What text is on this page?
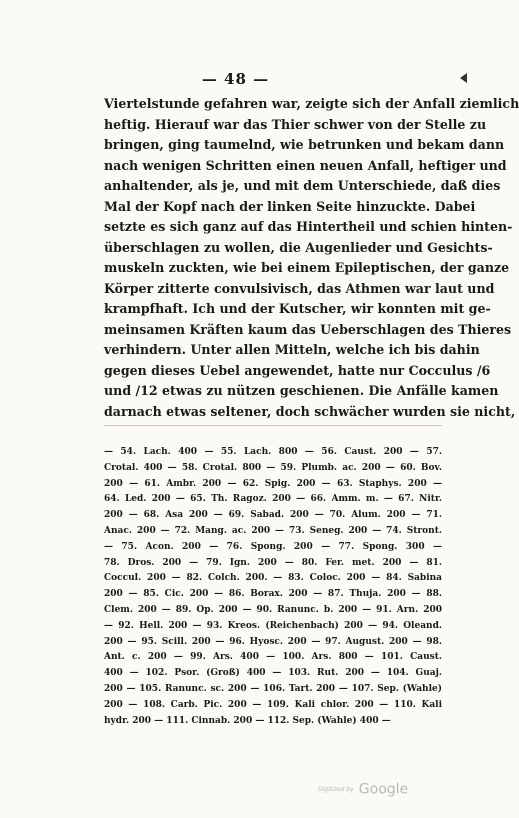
— 48 —
Viertelstunde gefahren war, zeigte sich der Anfall ziemlich
heftig. Hierauf war das Thier schwer von der Stelle zu
bringen, ging taumelnd, wie betrunken und bekam dann
nach wenigen Schritten einen neuen Anfall, heftiger und
anhaltender, als je, und mit dem Unterschiede, daß dies
Mal der Kopf nach der linken Seite hinzuckte. Dabei
setzte es sich ganz auf das Hintertheil und schien hinten-
überschlagen zu wollen, die Augenlieder und Gesichts-
muskeln zuckten, wie bei einem Epileptischen, der ganze
Körper zitterte convulsivisch, das Athmen war laut und
krampfhaft. Ich und der Kutscher, wir konnten mit ge-
meinsamen Kräften kaum das Ueberschlagen des Thieres
verhindern. Unter allen Mitteln, welche ich bis dahin
gegen dieses Uebel angewendet, hatte nur Cocculus /6
und /12 etwas zu nützen geschienen. Die Anfälle kamen
darnach etwas seltener, doch schwächer wurden sie nicht,
— 54. Lach. 400 — 55. Lach. 800 — 56. Caust. 200 — 57.
Crotal. 400 — 58. Crotal. 800 — 59. Plumb. ac. 200 — 60. Bov.
200 — 61. Ambr. 200 — 62. Spig. 200 — 63. Staphys. 200 —
64. Led. 200 — 65. Th. Ragoz. 200 — 66. Amm. m. — 67. Nitr.
200 — 68. Asa 200 — 69. Sabad. 200 — 70. Alum. 200 — 71.
Anac. 200 — 72. Mang. ac. 200 — 73. Seneg. 200 — 74. Stront.
— 75. Acon. 200 — 76. Spong. 200 — 77. Spong. 300 —
78. Dros. 200 — 79. Ign. 200 — 80. Fer. met. 200 — 81.
Coccul. 200 — 82. Colch. 200. — 83. Coloc. 200 — 84. Sabina
200 — 85. Cic. 200 — 86. Borax. 200 — 87. Thuja. 200 — 88.
Clem. 200 — 89. Op. 200 — 90. Ranunc. b. 200 — 91. Arn. 200
— 92. Hell. 200 — 93. Kreos. (Reichenbach) 200 — 94. Oleand.
200 — 95. Scill. 200 — 96. Hyosc. 200 — 97. August. 200 — 98.
Ant. c. 200 — 99. Ars. 400 — 100. Ars. 800 — 101. Caust.
400 — 102. Psor. (Groß) 400 — 103. Rut. 200 — 104. Guaj.
200 — 105. Ranunc. sc. 200 — 106. Tart. 200 — 107. Sep. (Wahle)
200 — 108. Carb. Pic. 200 — 109. Kali chlor. 200 — 110. Kali
hydr. 200 — 111. Cinnab. 200 — 112. Sep. (Wahle) 400 —
Digitized by Google
